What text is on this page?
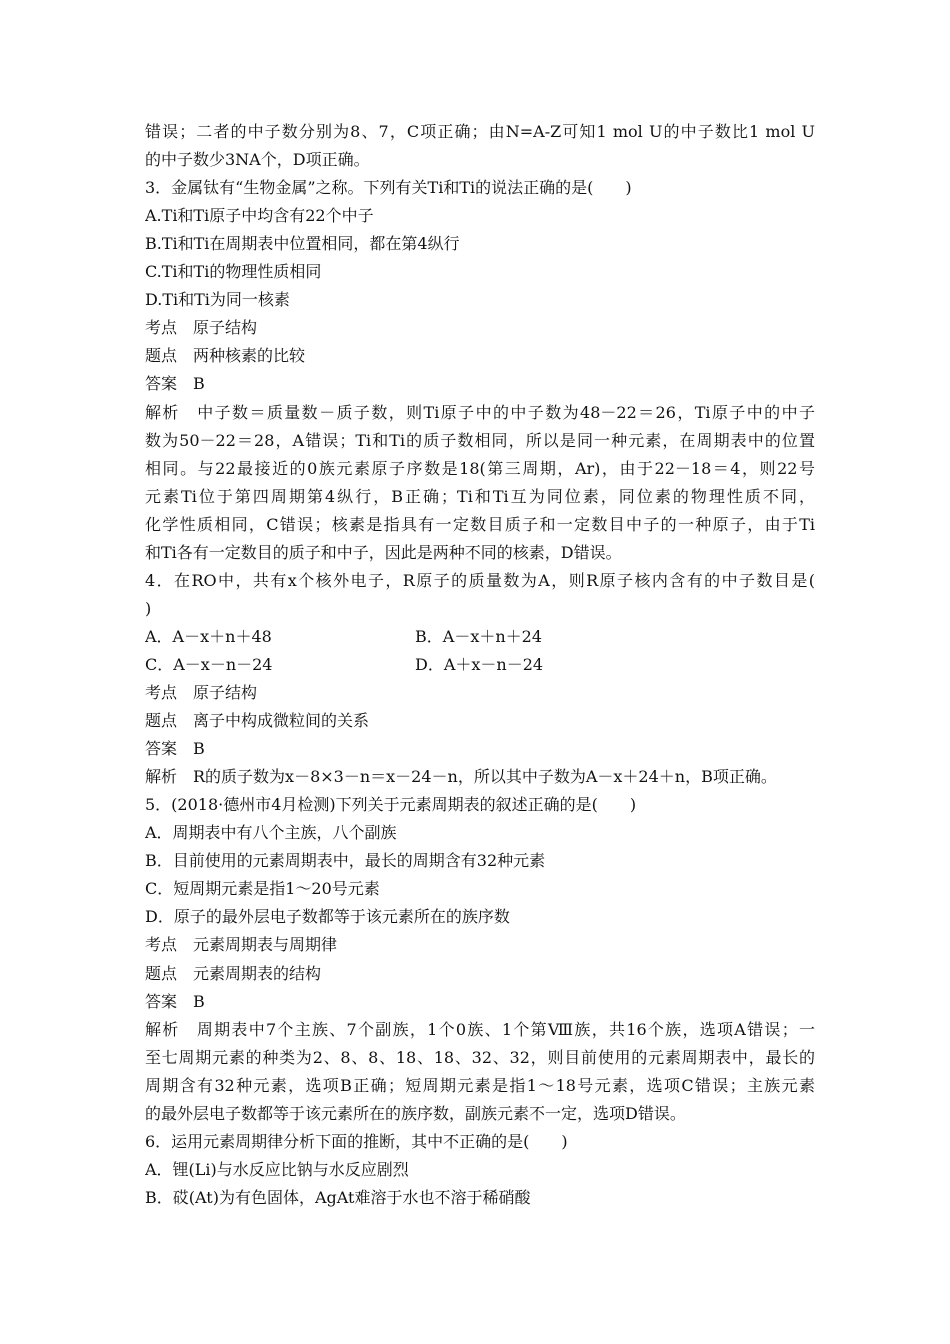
错误；二者的中子数分别为8、7，C项正确；由N=A-Z可知1 mol U的中子数比1 mol U
的中子数少3NA个，D项正确。
3．金属钛有“生物金属”之称。下列有关Ti和Ti的说法正确的是(　　)
A.Ti和Ti原子中均含有22个中子
B.Ti和Ti在周期表中位置相同，都在第4纵行
C.Ti和Ti的物理性质相同
D.Ti和Ti为同一核素
考点　原子结构
题点　两种核素的比较
答案　B
解析　中子数＝质量数－质子数，则Ti原子中的中子数为48－22＝26，Ti原子中的中子
数为50－22＝28，A错误；Ti和Ti的质子数相同，所以是同一种元素，在周期表中的位置
相同。与22最接近的0族元素原子序数是18(第三周期，Ar)，由于22－18＝4，则22号
元素Ti位于第四周期第4纵行，B正确；Ti和Ti互为同位素，同位素的物理性质不同，
化学性质相同，C错误；核素是指具有一定数目质子和一定数目中子的一种原子，由于Ti
和Ti各有一定数目的质子和中子，因此是两种不同的核素，D错误。
4．在RO中，共有x个核外电子，R原子的质量数为A，则R原子核内含有的中子数目是(
)
A．A－x＋n＋48	B．A－x＋n＋24
C．A－x－n－24	D．A＋x－n－24
考点　原子结构
题点　离子中构成微粒间的关系
答案　B
解析　R的质子数为x－8×3－n＝x－24－n，所以其中子数为A－x＋24＋n，B项正确。
5．(2018·德州市4月检测)下列关于元素周期表的叙述正确的是(　　)
A．周期表中有八个主族，八个副族
B．目前使用的元素周期表中，最长的周期含有32种元素
C．短周期元素是指1～20号元素
D．原子的最外层电子数都等于该元素所在的族序数
考点　元素周期表与周期律
题点　元素周期表的结构
答案　B
解析　周期表中7个主族、7个副族，1个0族、1个第Ⅷ族，共16个族，选项A错误；一
至七周期元素的种类为2、8、8、18、18、32、32，则目前使用的元素周期表中，最长的
周期含有32种元素，选项B正确；短周期元素是指1～18号元素，选项C错误；主族元素
的最外层电子数都等于该元素所在的族序数，副族元素不一定，选项D错误。
6．运用元素周期律分析下面的推断，其中不正确的是(　　)
A．锂(Li)与水反应比钠与水反应剧烈
B．砹(At)为有色固体，AgAt难溶于水也不溶于稀硝酸
